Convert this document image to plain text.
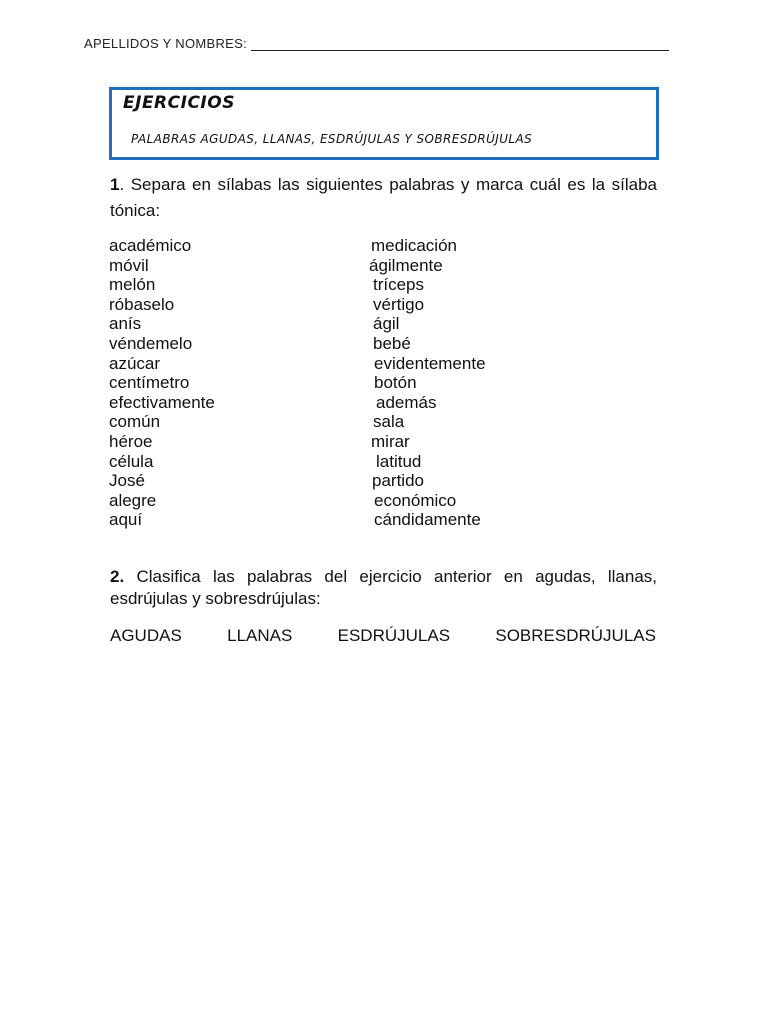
APELLIDOS Y NOMBRES:
EJERCICIOS
PALABRAS AGUDAS, LLANAS, ESDRÚJULAS Y SOBRESDRÚJULAS
1. Separa en sílabas las siguientes palabras y marca cuál es la sílaba tónica:
académico
móvil
melón
róbaselo
anís
véndemelo
azúcar
centímetro
efectivamente
común
héroe
célula
José
alegre
aquí
medicación
ágilmente
tríceps
vértigo
ágil
bebé
evidentemente
botón
además
sala
mirar
latitud
partido
económico
cándidamente
2. Clasifica las palabras del ejercicio anterior en agudas, llanas, esdrújulas y sobresdrújulas:
AGUDAS	LLANAS	ESDRÚJULAS	SOBRESDRÚJULAS
